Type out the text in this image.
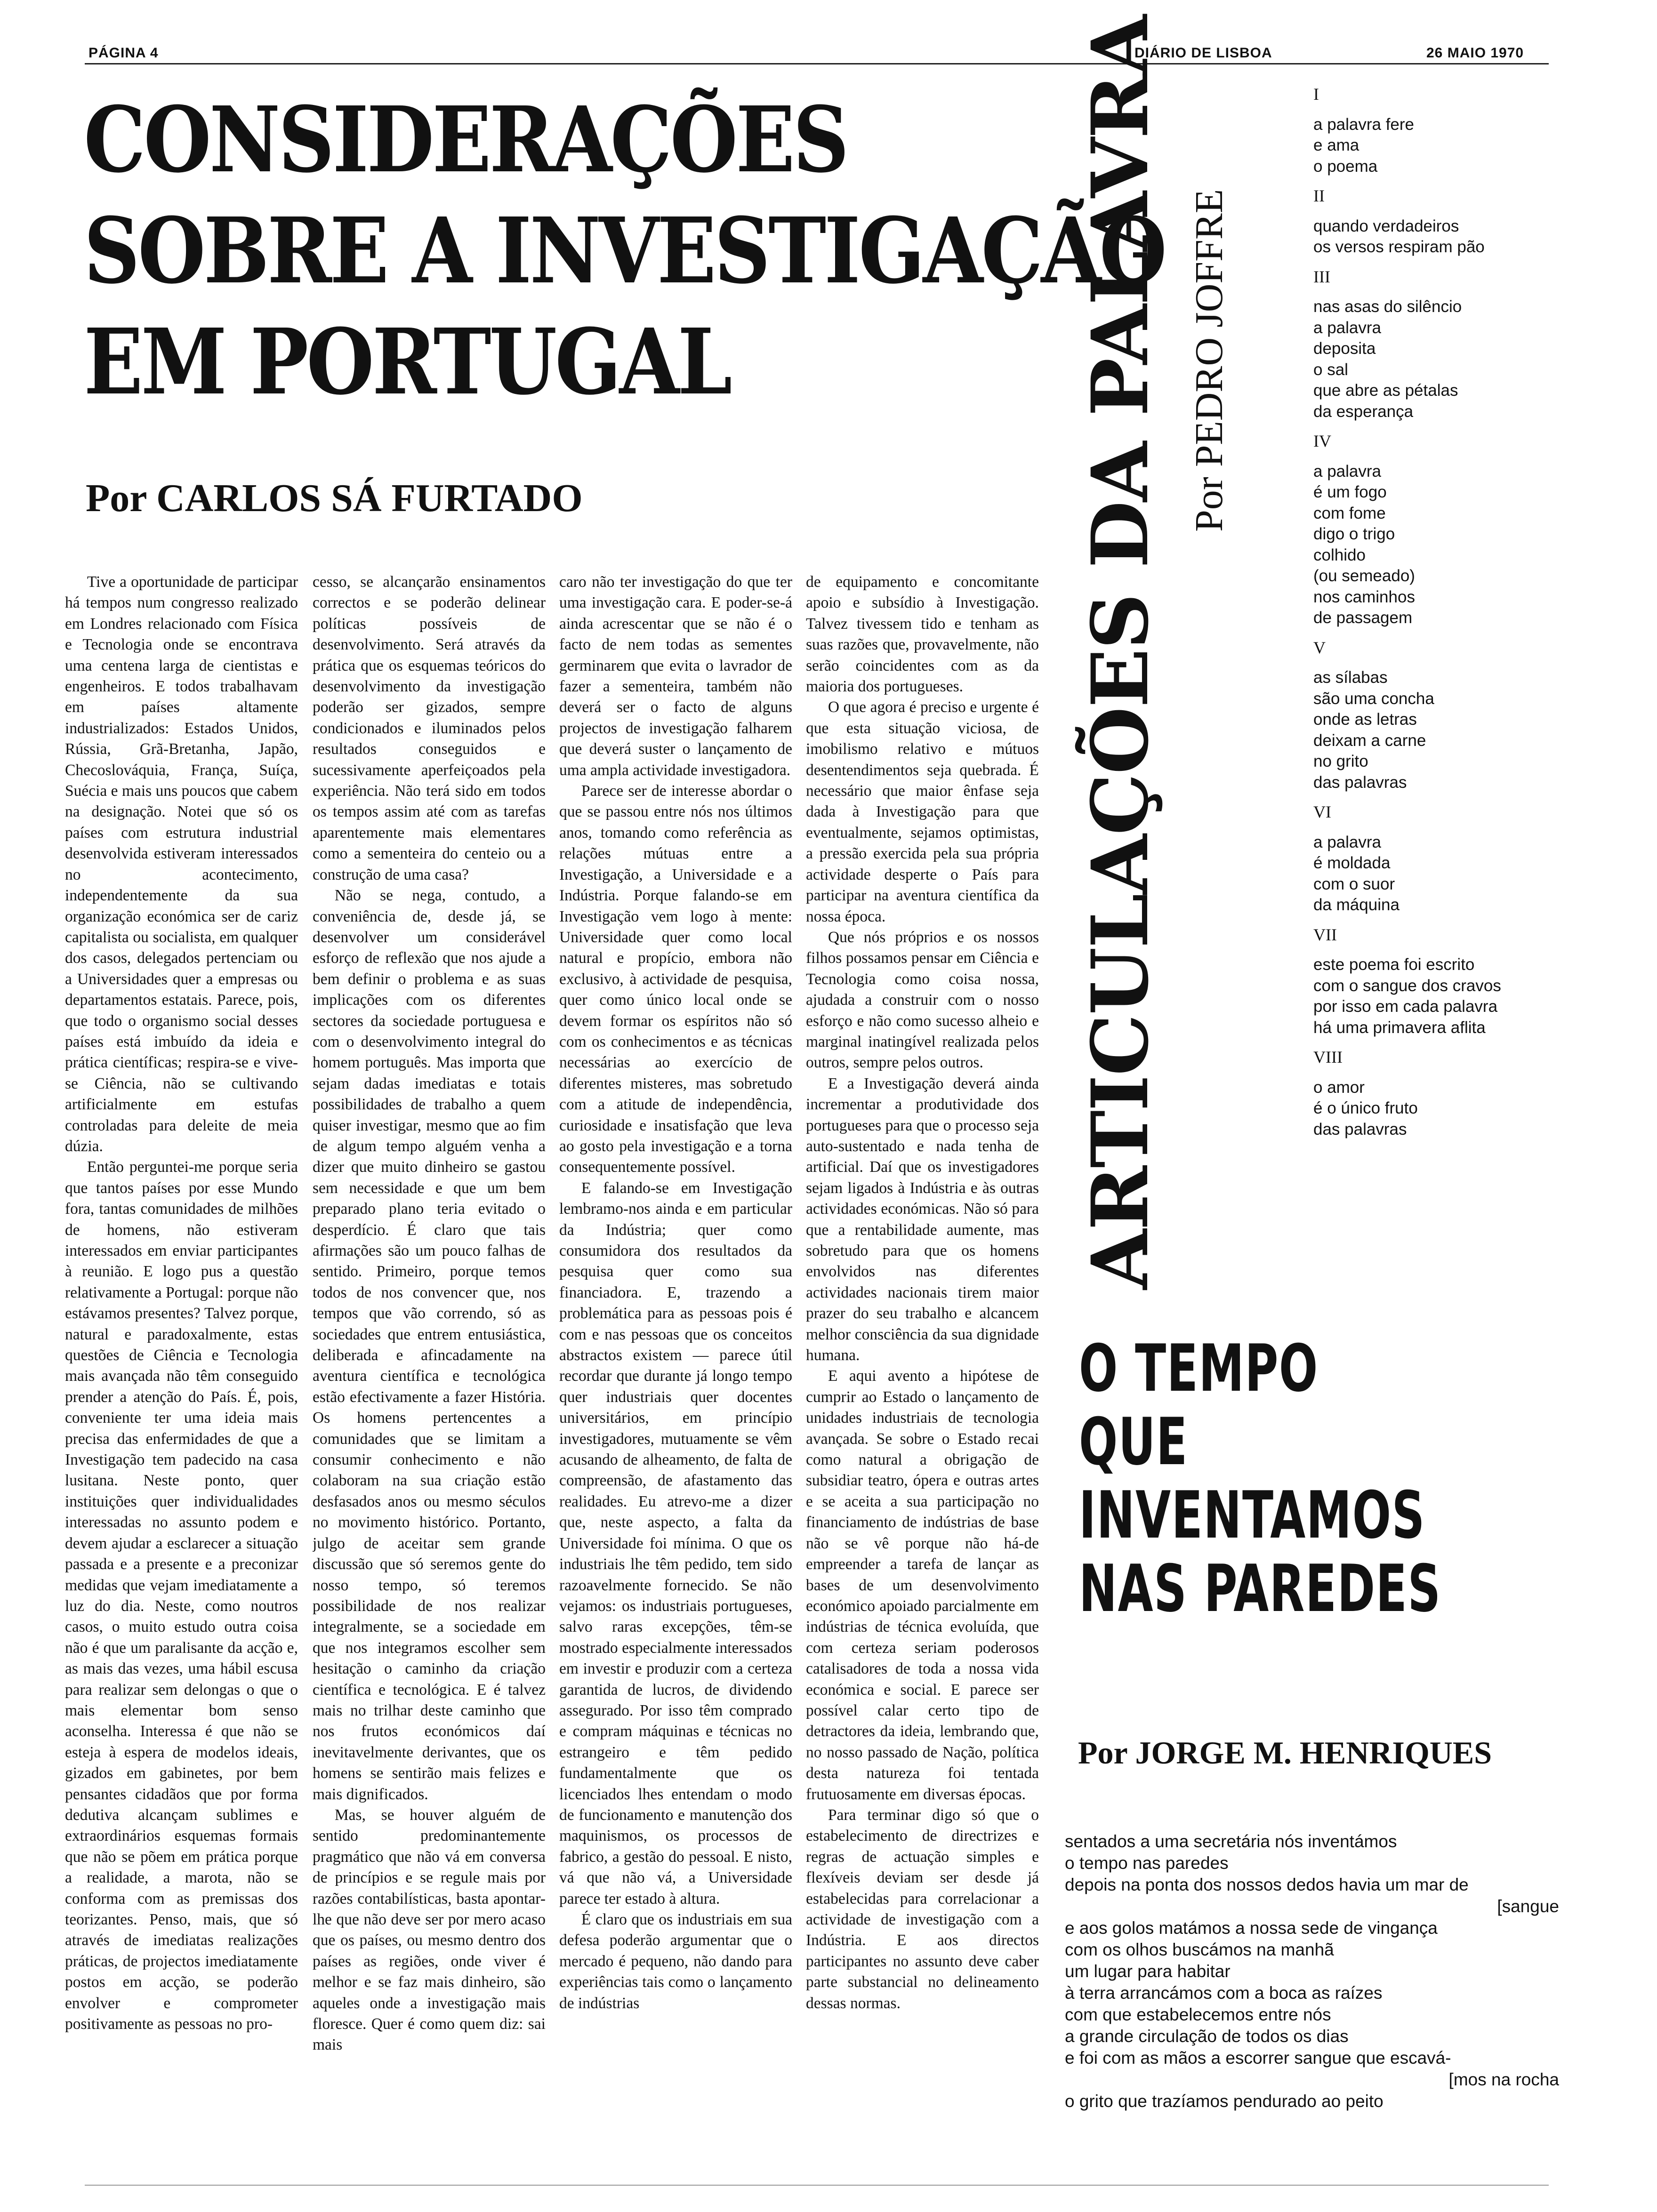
PÁGINA 4	DIÁRIO DE LISBOA	26 MAIO 1970
CONSIDERAÇÕES
SOBRE A INVESTIGAÇÃO
EM PORTUGAL
Por CARLOS SÁ FURTADO

Tive a oportunidade de participar há tempos num congresso realizado em Londres relacionado com Física e Tecnologia onde se encontrava uma centena larga de cientistas e engenheiros. E todos trabalhavam em países altamente industrializados: Estados Unidos, Rússia, Grã-Bretanha, Japão, Checoslováquia, França, Suíça, Suécia e mais uns poucos que cabem na designação. Notei que só os países com estrutura industrial desenvolvida estiveram interessados no acontecimento, independentemente da sua organização económica ser de cariz capitalista ou socialista, em qualquer dos casos, delegados pertenciam ou a Universidades quer a empresas ou departamentos estatais. Parece, pois, que todo o organismo social desses países está imbuído da ideia e prática científicas; respira-se e vive-se Ciência, não se cultivando artificialmente em estufas controladas para deleite de meia dúzia.

Então perguntei-me porque seria que tantos países por esse Mundo fora, tantas comunidades de milhões de homens, não estiveram interessados em enviar participantes à reunião. E logo pus a questão relativamente a Portugal: porque não estávamos presentes? Talvez porque, natural e paradoxalmente, estas questões de Ciência e Tecnologia mais avançada não têm conseguido prender a atenção do País. É, pois, conveniente ter uma ideia mais precisa das enfermidades de que a Investigação tem padecido na casa lusitana. Neste ponto, quer instituições quer individualidades interessadas no assunto podem e devem ajudar a esclarecer a situação passada e a presente e a preconizar medidas que vejam imediatamente a luz do dia. Neste, como noutros casos, o muito estudo outra coisa não é que um paralisante da acção e, as mais das vezes, uma hábil escusa para realizar sem delongas o que o mais elementar bom senso aconselha. Interessa é que não se esteja à espera de modelos ideais, gizados em gabinetes, por bem pensantes cidadãos que por forma dedutiva alcançam sublimes e extraordinários esquemas formais que não se põem em prática porque a realidade, a marota, não se conforma com as premissas dos teorizantes. Penso, mais, que só através de imediatas realizações práticas, de projectos imediatamente postos em acção, se poderão envolver e comprometer positivamente as pessoas no pro-

cesso, se alcançarão ensinamentos correctos e se poderão delinear políticas possíveis de desenvolvimento. Será através da prática que os esquemas teóricos do desenvolvimento da investigação poderão ser gizados, sempre condicionados e iluminados pelos resultados conseguidos e sucessivamente aperfeiçoados pela experiência. Não terá sido em todos os tempos assim até com as tarefas aparentemente mais elementares como a sementeira do centeio ou a construção de uma casa?

Não se nega, contudo, a conveniência de, desde já, se desenvolver um considerável esforço de reflexão que nos ajude a bem definir o problema e as suas implicações com os diferentes sectores da sociedade portuguesa e com o desenvolvimento integral do homem português. Mas importa que sejam dadas imediatas e totais possibilidades de trabalho a quem quiser investigar, mesmo que ao fim de algum tempo alguém venha a dizer que muito dinheiro se gastou sem necessidade e que um bem preparado plano teria evitado o desperdício. É claro que tais afirmações são um pouco falhas de sentido. Primeiro, porque temos todos de nos convencer que, nos tempos que vão correndo, só as sociedades que entrem entusiástica, deliberada e afincadamente na aventura científica e tecnológica estão efectivamente a fazer História. Os homens pertencentes a comunidades que se limitam a consumir conhecimento e não colaboram na sua criação estão desfasados anos ou mesmo séculos no movimento histórico. Portanto, julgo de aceitar sem grande discussão que só seremos gente do nosso tempo, só teremos possibilidade de nos realizar integralmente, se a sociedade em que nos integramos escolher sem hesitação o caminho da criação científica e tecnológica. E é talvez mais no trilhar deste caminho que nos frutos económicos daí inevitavelmente derivantes, que os homens se sentirão mais felizes e mais dignificados.

Mas, se houver alguém de sentido predominantemente pragmático que não vá em conversa de princípios e se regule mais por razões contabilísticas, basta apontar-lhe que não deve ser por mero acaso que os países, ou mesmo dentro dos países as regiões, onde viver é melhor e se faz mais dinheiro, são aqueles onde a investigação mais floresce. Quer é como quem diz: sai mais

caro não ter investigação do que ter uma investigação cara. E poder-se-á ainda acrescentar que se não é o facto de nem todas as sementes germinarem que evita o lavrador de fazer a sementeira, também não deverá ser o facto de alguns projectos de investigação falharem que deverá suster o lançamento de uma ampla actividade investigadora.

Parece ser de interesse abordar o que se passou entre nós nos últimos anos, tomando como referência as relações mútuas entre a Investigação, a Universidade e a Indústria. Porque falando-se em Investigação vem logo à mente: Universidade quer como local natural e propício, embora não exclusivo, à actividade de pesquisa, quer como único local onde se devem formar os espíritos não só com os conhecimentos e as técnicas necessárias ao exercício de diferentes misteres, mas sobretudo com a atitude de independência, curiosidade e insatisfação que leva ao gosto pela investigação e a torna consequentemente possível.

E falando-se em Investigação lembramo-nos ainda e em particular da Indústria; quer como consumidora dos resultados da pesquisa quer como sua financiadora. E, trazendo a problemática para as pessoas pois é com e nas pessoas que os conceitos abstractos existem — parece útil recordar que durante já longo tempo quer industriais quer docentes universitários, em princípio investigadores, mutuamente se vêm acusando de alheamento, de falta de compreensão, de afastamento das realidades. Eu atrevo-me a dizer que, neste aspecto, a falta da Universidade foi mínima. O que os industriais lhe têm pedido, tem sido razoavelmente fornecido. Se não vejamos: os industriais portugueses, salvo raras excepções, têm-se mostrado especialmente interessados em investir e produzir com a certeza garantida de lucros, de dividendo assegurado. Por isso têm comprado e compram máquinas e técnicas no estrangeiro e têm pedido fundamentalmente que os licenciados lhes entendam o modo de funcionamento e manutenção dos maquinismos, os processos de fabrico, a gestão do pessoal. E nisto, vá que não vá, a Universidade parece ter estado à altura.

É claro que os industriais em sua defesa poderão argumentar que o mercado é pequeno, não dando para experiências tais como o lançamento de indústrias

de equipamento e concomitante apoio e subsídio à Investigação. Talvez tivessem tido e tenham as suas razões que, provavelmente, não serão coincidentes com as da maioria dos portugueses.

O que agora é preciso e urgente é que esta situação viciosa, de imobilismo relativo e mútuos desentendimentos seja quebrada. É necessário que maior ênfase seja dada à Investigação para que eventualmente, sejamos optimistas, a pressão exercida pela sua própria actividade desperte o País para participar na aventura científica da nossa época.

Que nós próprios e os nossos filhos possamos pensar em Ciência e Tecnologia como coisa nossa, ajudada a construir com o nosso esforço e não como sucesso alheio e marginal inatingível realizada pelos outros, sempre pelos outros.

E a Investigação deverá ainda incrementar a produtividade dos portugueses para que o processo seja auto-sustentado e nada tenha de artificial. Daí que os investigadores sejam ligados à Indústria e às outras actividades económicas. Não só para que a rentabilidade aumente, mas sobretudo para que os homens envolvidos nas diferentes actividades nacionais tirem maior prazer do seu trabalho e alcancem melhor consciência da sua dignidade humana.

E aqui avento a hipótese de cumprir ao Estado o lançamento de unidades industriais de tecnologia avançada. Se sobre o Estado recai como natural a obrigação de subsidiar teatro, ópera e outras artes e se aceita a sua participação no financiamento de indústrias de base não se vê porque não há-de empreender a tarefa de lançar as bases de um desenvolvimento económico apoiado parcialmente em indústrias de técnica evoluída, que com certeza seriam poderosos catalisadores de toda a nossa vida económica e social. E parece ser possível calar certo tipo de detractores da ideia, lembrando que, no nosso passado de Nação, política desta natureza foi tentada frutuosamente em diversas épocas.

Para terminar digo só que o estabelecimento de directrizes e regras de actuação simples e flexíveis deviam ser desde já estabelecidas para correlacionar a actividade de investigação com a Indústria. E aos directos participantes no assunto deve caber parte substancial no delineamento dessas normas.

ARTICULAÇÕES DA PALAVRA Por PEDRO JOFFRE
I
a palavra fere
e ama
o poema
II
quando verdadeiros
os versos respiram pão
III
nas asas do silêncio
a palavra
deposita
o sal
que abre as pétalas
da esperança
IV
a palavra
é um fogo
com fome
digo o trigo
colhido
(ou semeado)
nos caminhos
de passagem
V
as sílabas
são uma concha
onde as letras
deixam a carne
no grito
das palavras
VI
a palavra
é moldada
com o suor
da máquina
VII
este poema foi escrito
com o sangue dos cravos
por isso em cada palavra
há uma primavera aflita
VIII
o amor
é o único fruto
das palavras
O TEMPO
QUE
INVENTAMOS
NAS PAREDES
Por JORGE M. HENRIQUES
sentados a uma secretária nós inventámos
o tempo nas paredes
depois na ponta dos nossos dedos havia um mar de
[sangue
e aos golos matámos a nossa sede de vingança
com os olhos buscámos na manhã
um lugar para habitar
à terra arrancámos com a boca as raízes
com que estabelecemos entre nós
a grande circulação de todos os dias
e foi com as mãos a escorrer sangue que escavá-
[mos na rocha
o grito que trazíamos pendurado ao peito
